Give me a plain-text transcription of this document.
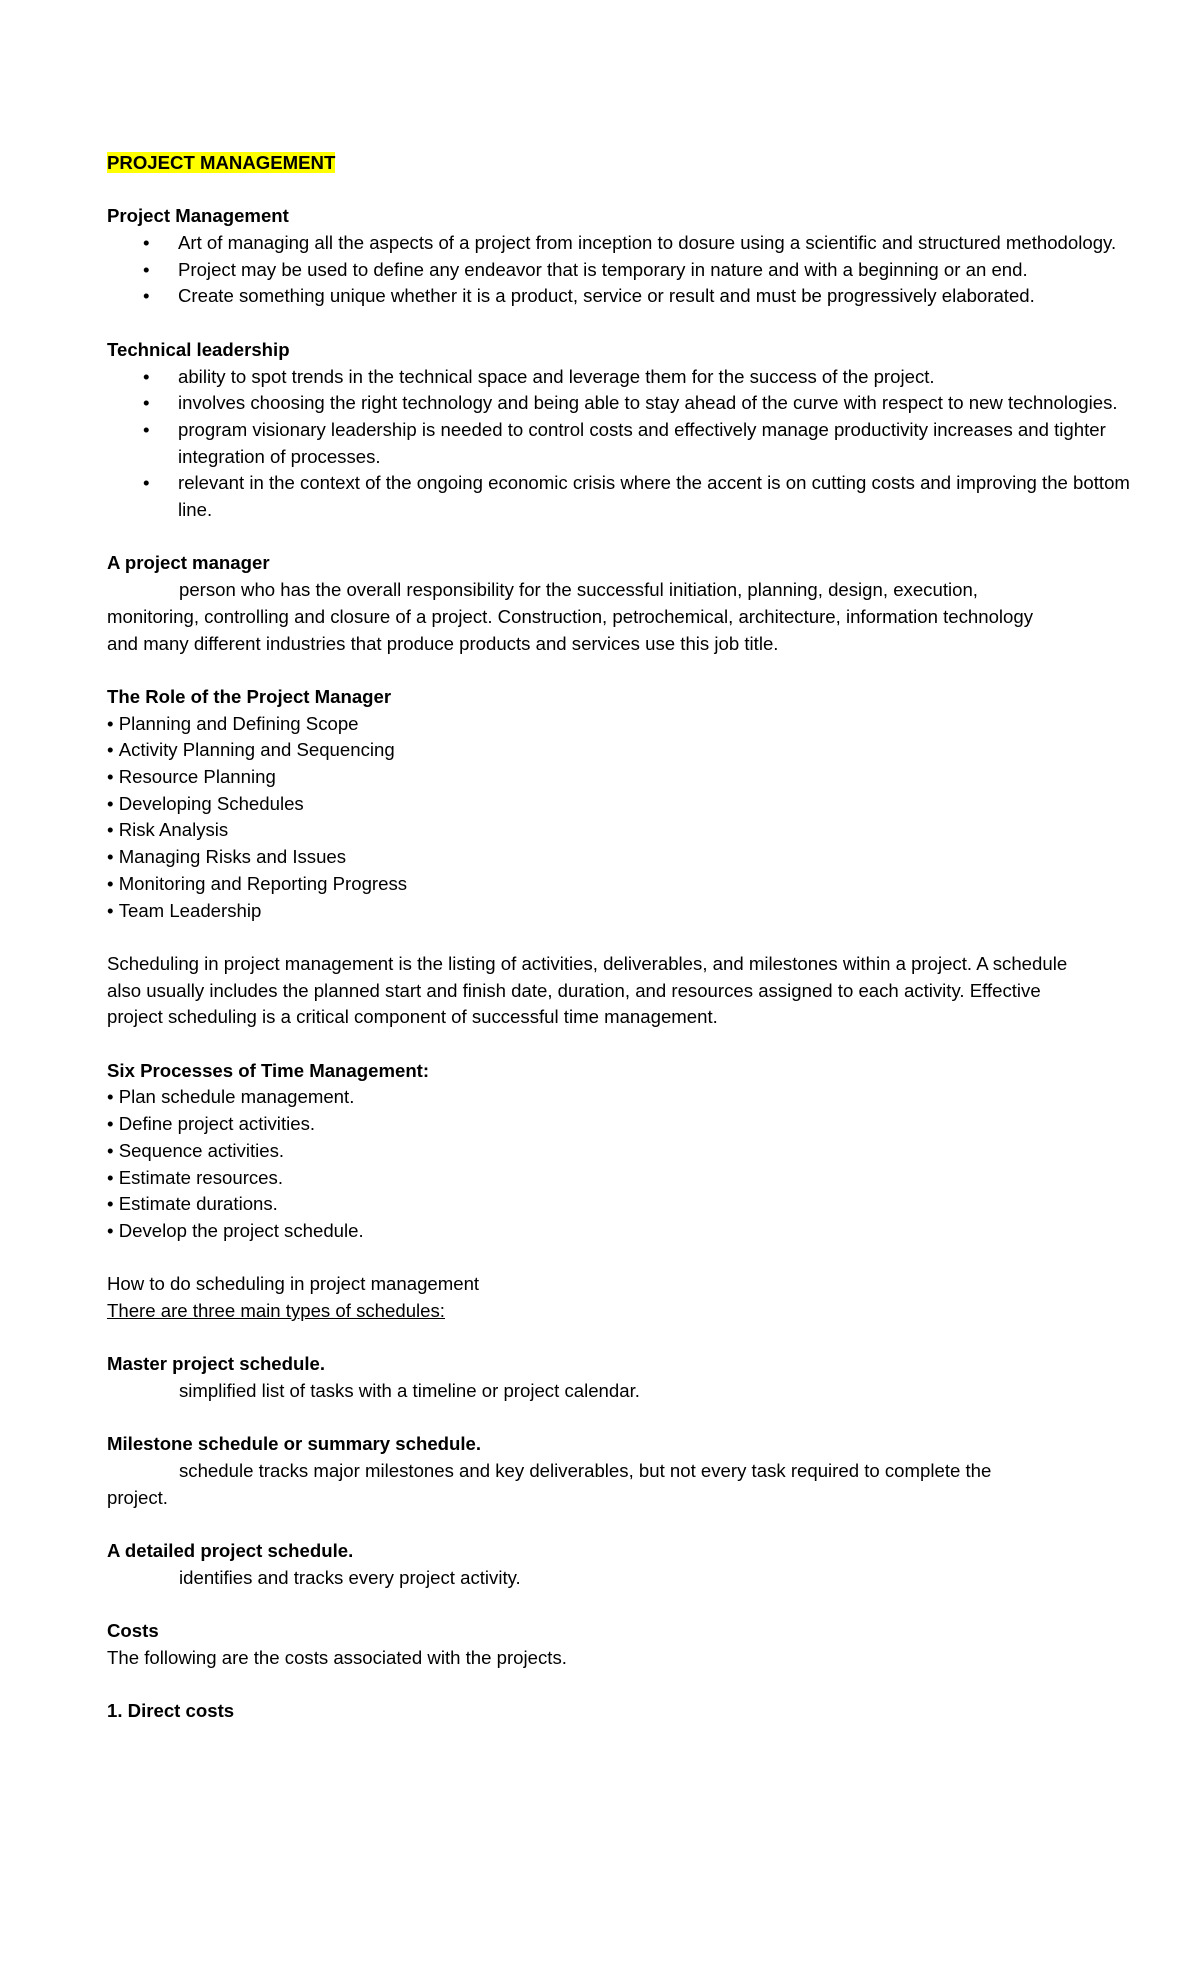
PROJECT MANAGEMENT
Project Management
• Art of managing all the aspects of a project from inception to dosure using a scientific and structured methodology.
• Project may be used to define any endeavor that is temporary in nature and with a beginning or an end.
• Create something unique whether it is a product, service or result and must be progressively elaborated.
Technical leadership
• ability to spot trends in the technical space and leverage them for the success of the project.
• involves choosing the right technology and being able to stay ahead of the curve with respect to new technologies.
• program visionary leadership is needed to control costs and effectively manage productivity increases and tighter integration of processes.
• relevant in the context of the ongoing economic crisis where the accent is on cutting costs and improving the bottom line.
A project manager

person who has the overall responsibility for the successful initiation, planning, design, execution, monitoring, controlling and closure of a project. Construction, petrochemical, architecture, information technology and many different industries that produce products and services use this job title.

The Role of the Project Manager
• Planning and Defining Scope
• Activity Planning and Sequencing
• Resource Planning
• Developing Schedules
• Risk Analysis
• Managing Risks and Issues
• Monitoring and Reporting Progress
• Team Leadership

Scheduling in project management is the listing of activities, deliverables, and milestones within a project. A schedule also usually includes the planned start and finish date, duration, and resources assigned to each activity. Effective project scheduling is a critical component of successful time management.

Six Processes of Time Management:
• Plan schedule management.
• Define project activities.
• Sequence activities.
• Estimate resources.
• Estimate durations.
• Develop the project schedule.
How to do scheduling in project management
There are three main types of schedules:
Master project schedule.

simplified list of tasks with a timeline or project calendar.

Milestone schedule or summary schedule.

schedule tracks major milestones and key deliverables, but not every task required to complete the project.

A detailed project schedule.

identifies and tracks every project activity.

Costs
The following are the costs associated with the projects.
1. Direct costs
